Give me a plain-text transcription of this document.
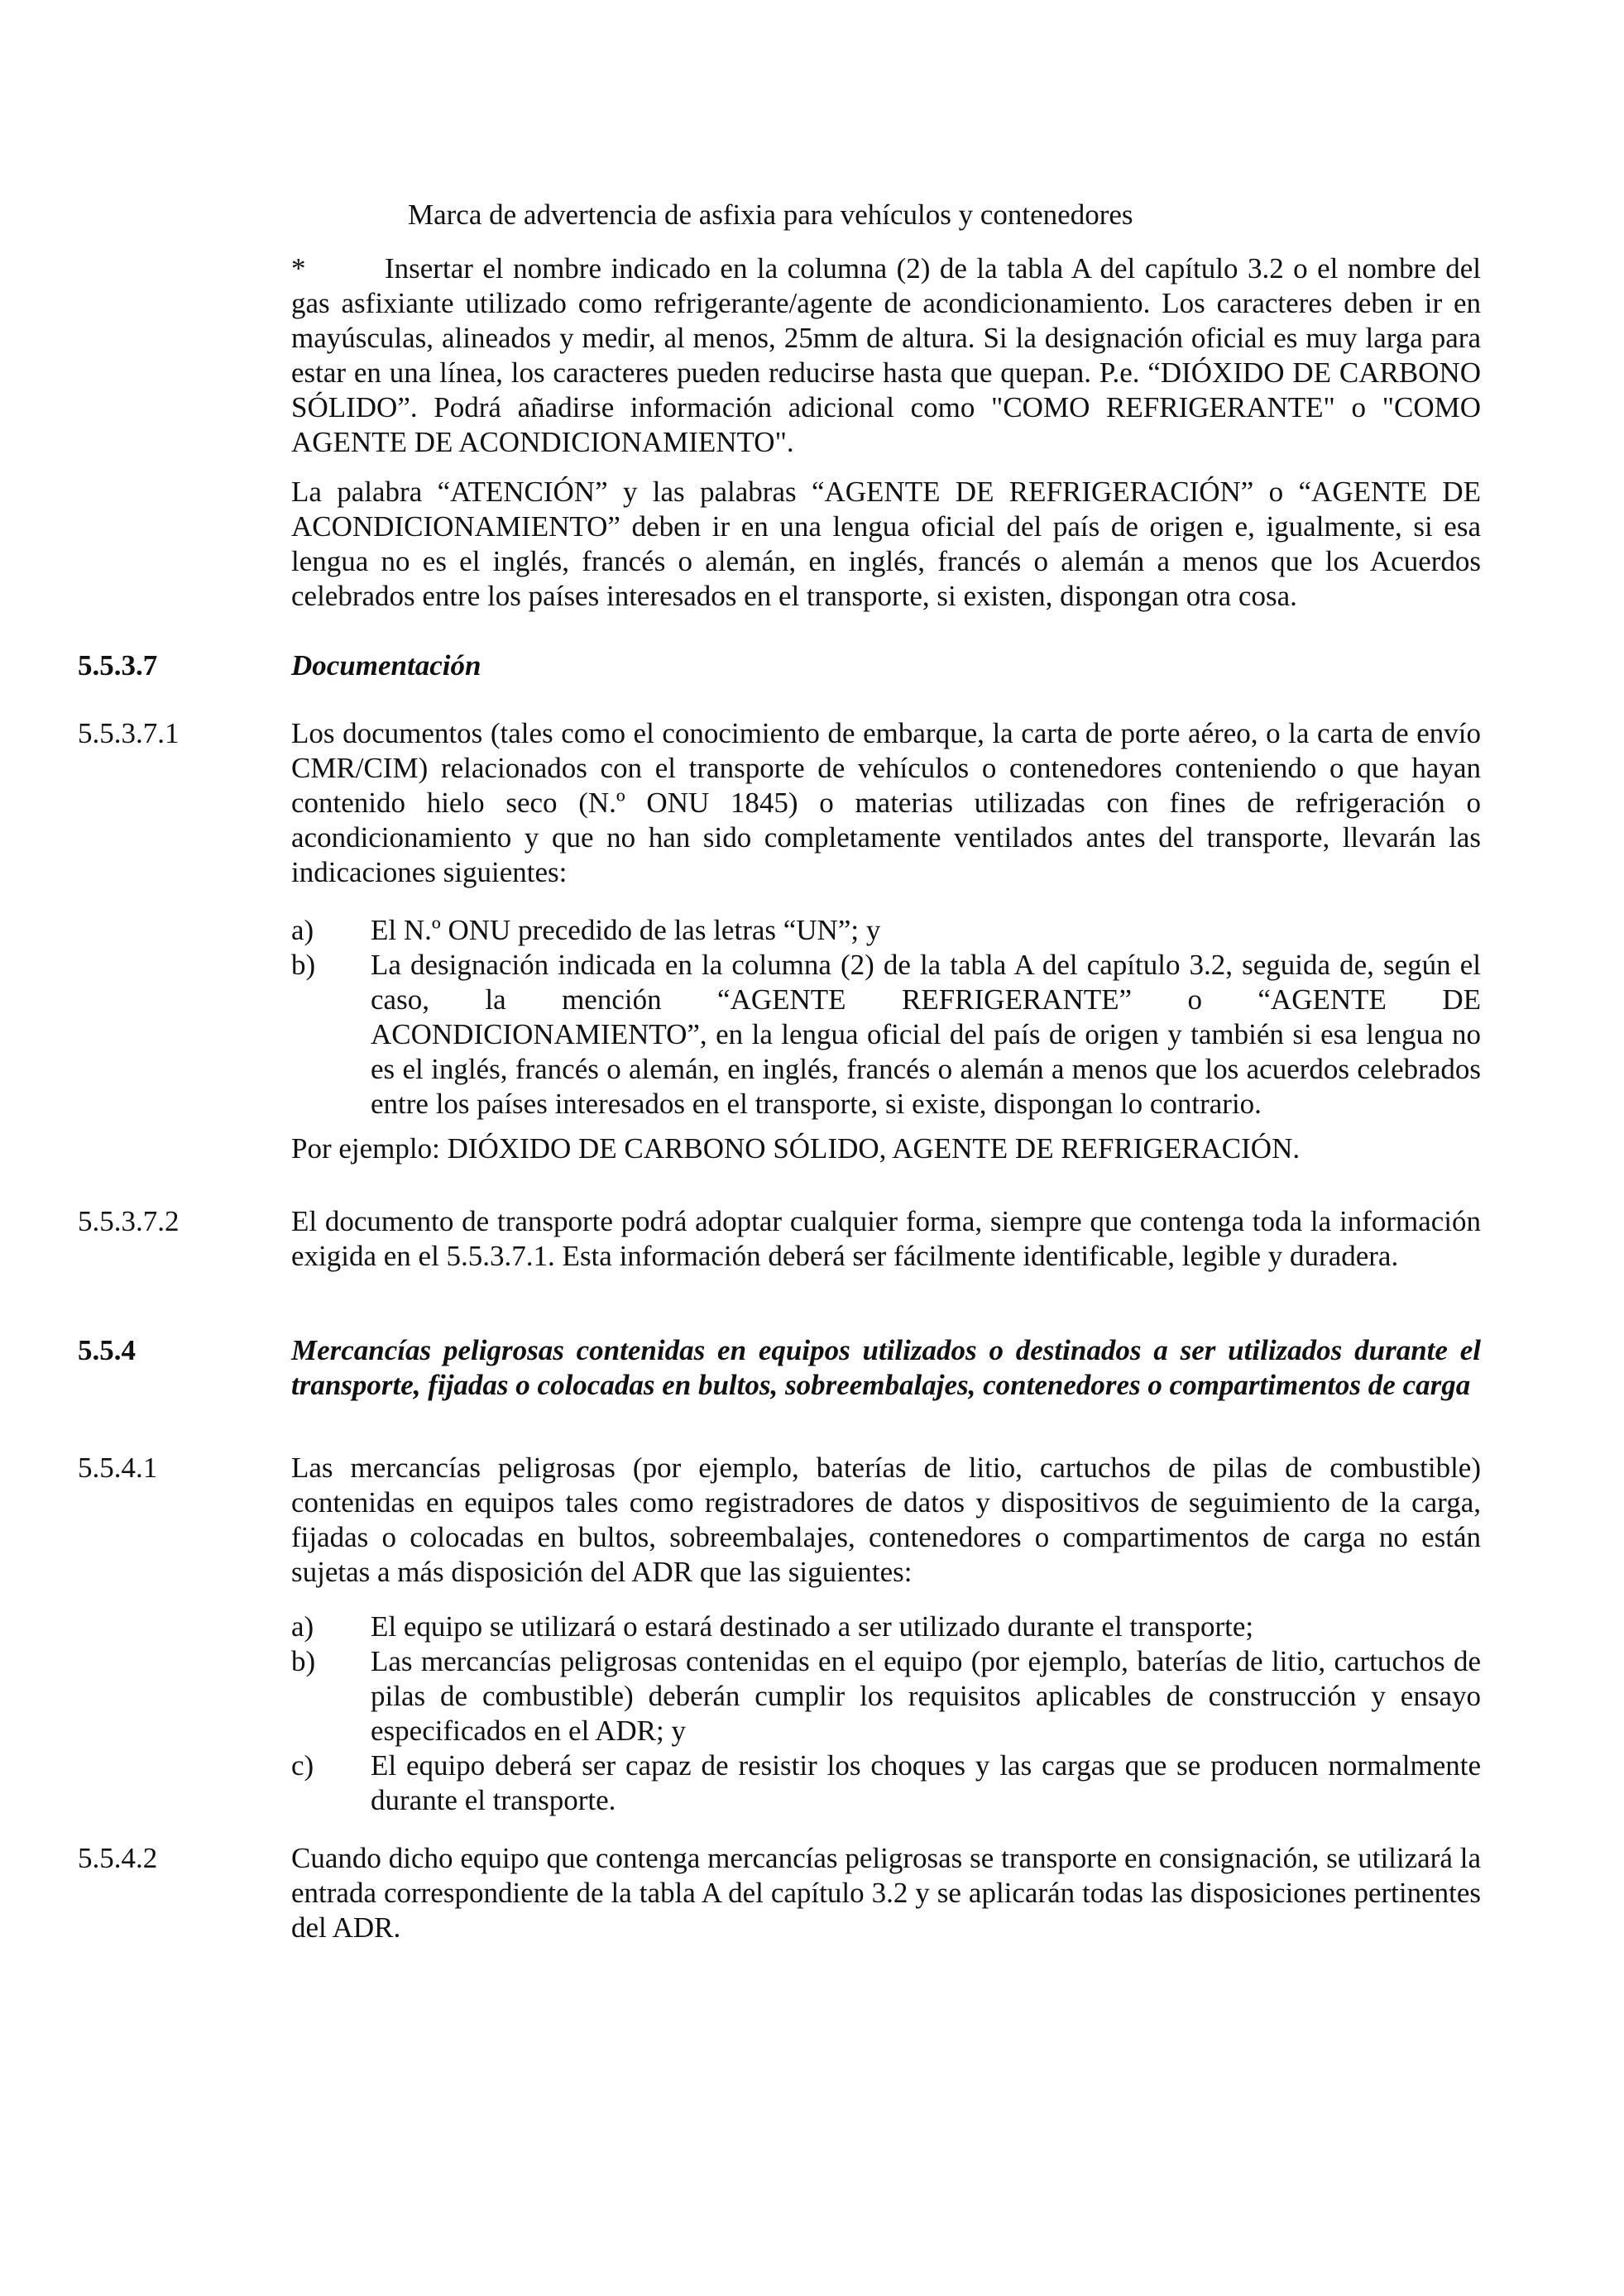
Marca de advertencia de asfixia para vehículos y contenedores
*	Insertar el nombre indicado en la columna (2) de la tabla A del capítulo 3.2 o el nombre del gas asfixiante utilizado como refrigerante/agente de acondicionamiento. Los caracteres deben ir en mayúsculas, alineados y medir, al menos, 25mm de altura. Si la designación oficial es muy larga para estar en una línea, los caracteres pueden reducirse hasta que quepan. P.e. “DIÓXIDO DE CARBONO SÓLIDO”. Podrá añadirse información adicional como "COMO REFRIGERANTE" o "COMO AGENTE DE ACONDICIONAMIENTO".

La palabra “ATENCIÓN” y las palabras “AGENTE DE REFRIGERACIÓN” o “AGENTE DE ACONDICIONAMIENTO” deben ir en una lengua oficial del país de origen e, igualmente, si esa lengua no es el inglés, francés o alemán, en inglés, francés o alemán a menos que los Acuerdos celebrados entre los países interesados en el transporte, si existen, dispongan otra cosa.

5.5.3.7	Documentación
5.5.3.7.1	Los documentos (tales como el conocimiento de embarque, la carta de porte aéreo, o la carta de envío CMR/CIM) relacionados con el transporte de vehículos o contenedores conteniendo o que hayan contenido hielo seco (N.º ONU 1845) o materias utilizadas con fines de refrigeración o acondicionamiento y que no han sido completamente ventilados antes del transporte, llevarán las indicaciones siguientes:

a) El N.º ONU precedido de las letras “UN”; y
b) La designación indicada en la columna (2) de la tabla A del capítulo 3.2, seguida de, según el caso, la mención “AGENTE REFRIGERANTE” o “AGENTE DE ACONDICIONAMIENTO”, en la lengua oficial del país de origen y también si esa lengua no es el inglés, francés o alemán, en inglés, francés o alemán a menos que los acuerdos celebrados entre los países interesados en el transporte, si existe, dispongan lo contrario.

Por ejemplo: DIÓXIDO DE CARBONO SÓLIDO, AGENTE DE REFRIGERACIÓN.

5.5.3.7.2	El documento de transporte podrá adoptar cualquier forma, siempre que contenga toda la información exigida en el 5.5.3.7.1. Esta información deberá ser fácilmente identificable, legible y duradera.

5.5.4	Mercancías peligrosas contenidas en equipos utilizados o destinados a ser utilizados durante el transporte, fijadas o colocadas en bultos, sobreembalajes, contenedores o compartimentos de carga
5.5.4.1	Las mercancías peligrosas (por ejemplo, baterías de litio, cartuchos de pilas de combustible) contenidas en equipos tales como registradores de datos y dispositivos de seguimiento de la carga, fijadas o colocadas en bultos, sobreembalajes, contenedores o compartimentos de carga no están sujetas a más disposición del ADR que las siguientes:

a) El equipo se utilizará o estará destinado a ser utilizado durante el transporte;
b) Las mercancías peligrosas contenidas en el equipo (por ejemplo, baterías de litio, cartuchos de pilas de combustible) deberán cumplir los requisitos aplicables de construcción y ensayo especificados en el ADR; y
c) El equipo deberá ser capaz de resistir los choques y las cargas que se producen normalmente durante el transporte.
5.5.4.2	Cuando dicho equipo que contenga mercancías peligrosas se transporte en consignación, se utilizará la entrada correspondiente de la tabla A del capítulo 3.2 y se aplicarán todas las disposiciones pertinentes del ADR.
